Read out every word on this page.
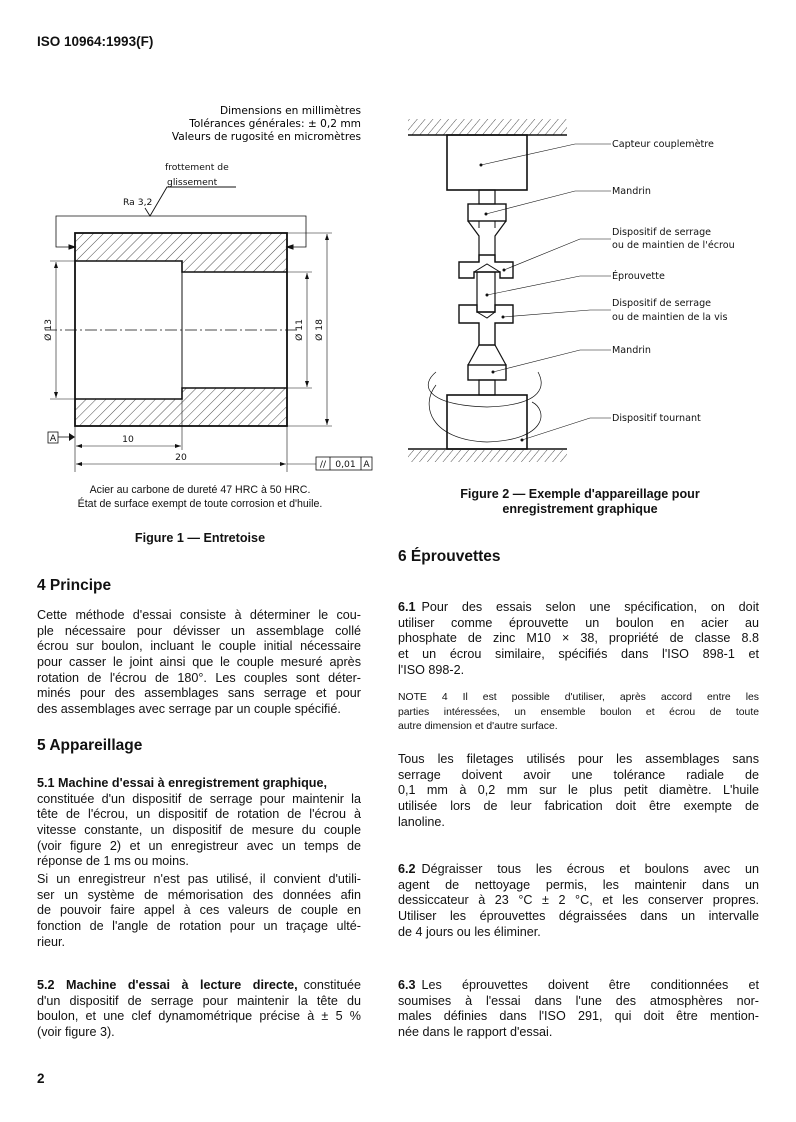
ISO 10964:1993(F)
Dimensions en millimètres
Tolérances générales: ± 0,2 mm
Valeurs de rugosité en micromètres
frottement de
glissement
Ra 3,2
Ø 13	Ø 11 Ø 18
10
20
A
// 0,01 A
Capteur couplemètre
Mandrin
Dispositif de serrage
ou de maintien de l'écrou
Éprouvette
Dispositif de serrage
ou de maintien de la vis
Mandrin
Dispositif tournant
Acier au carbone de dureté 47 HRC à 50 HRC.
État de surface exempt de toute corrosion et d'huile.
Figure 1 — Entretoise
Figure 2 — Exemple d'appareillage pour
enregistrement graphique
4 Principe
Cette méthode d'essai consiste à déterminer le cou-
ple nécessaire pour dévisser un assemblage collé
écrou sur boulon, incluant le couple initial nécessaire
pour casser le joint ainsi que le couple mesuré après
rotation de l'écrou de 180°. Les couples sont déter-
minés pour des assemblages sans serrage et pour
des assemblages avec serrage par un couple spécifié.
5 Appareillage
5.1 Machine d'essai à enregistrement graphique,
constituée d'un dispositif de serrage pour maintenir la
tête de l'écrou, un dispositif de rotation de l'écrou à
vitesse constante, un dispositif de mesure du couple
(voir figure 2) et un enregistreur avec un temps de
réponse de 1 ms ou moins.
Si un enregistreur n'est pas utilisé, il convient d'utili-
ser un système de mémorisation des données afin
de pouvoir faire appel à ces valeurs de couple en
fonction de l'angle de rotation pour un traçage ulté-
rieur.
5.2 Machine d'essai à lecture directe, constituée
d'un dispositif de serrage pour maintenir la tête du
boulon, et une clef dynamométrique précise à ± 5 %
(voir figure 3).
6 Éprouvettes
6.1 Pour des essais selon une spécification, on doit
utiliser comme éprouvette un boulon en acier au
phosphate de zinc M10 × 38, propriété de classe 8.8
et un écrou similaire, spécifiés dans l'ISO 898-1 et
l'ISO 898-2.
NOTE 4 Il est possible d'utiliser, après accord entre les
parties intéressées, un ensemble boulon et écrou de toute
autre dimension et d'autre surface.
Tous les filetages utilisés pour les assemblages sans
serrage doivent avoir une tolérance radiale de
0,1 mm à 0,2 mm sur le plus petit diamètre. L'huile
utilisée lors de leur fabrication doit être exempte de
lanoline.
6.2 Dégraisser tous les écrous et boulons avec un
agent de nettoyage permis, les maintenir dans un
dessiccateur à 23 °C ± 2 °C, et les conserver propres.
Utiliser les éprouvettes dégraissées dans un intervalle
de 4 jours ou les éliminer.
6.3 Les éprouvettes doivent être conditionnées et
soumises à l'essai dans l'une des atmosphères nor-
males définies dans l'ISO 291, qui doit être mention-
née dans le rapport d'essai.
2
